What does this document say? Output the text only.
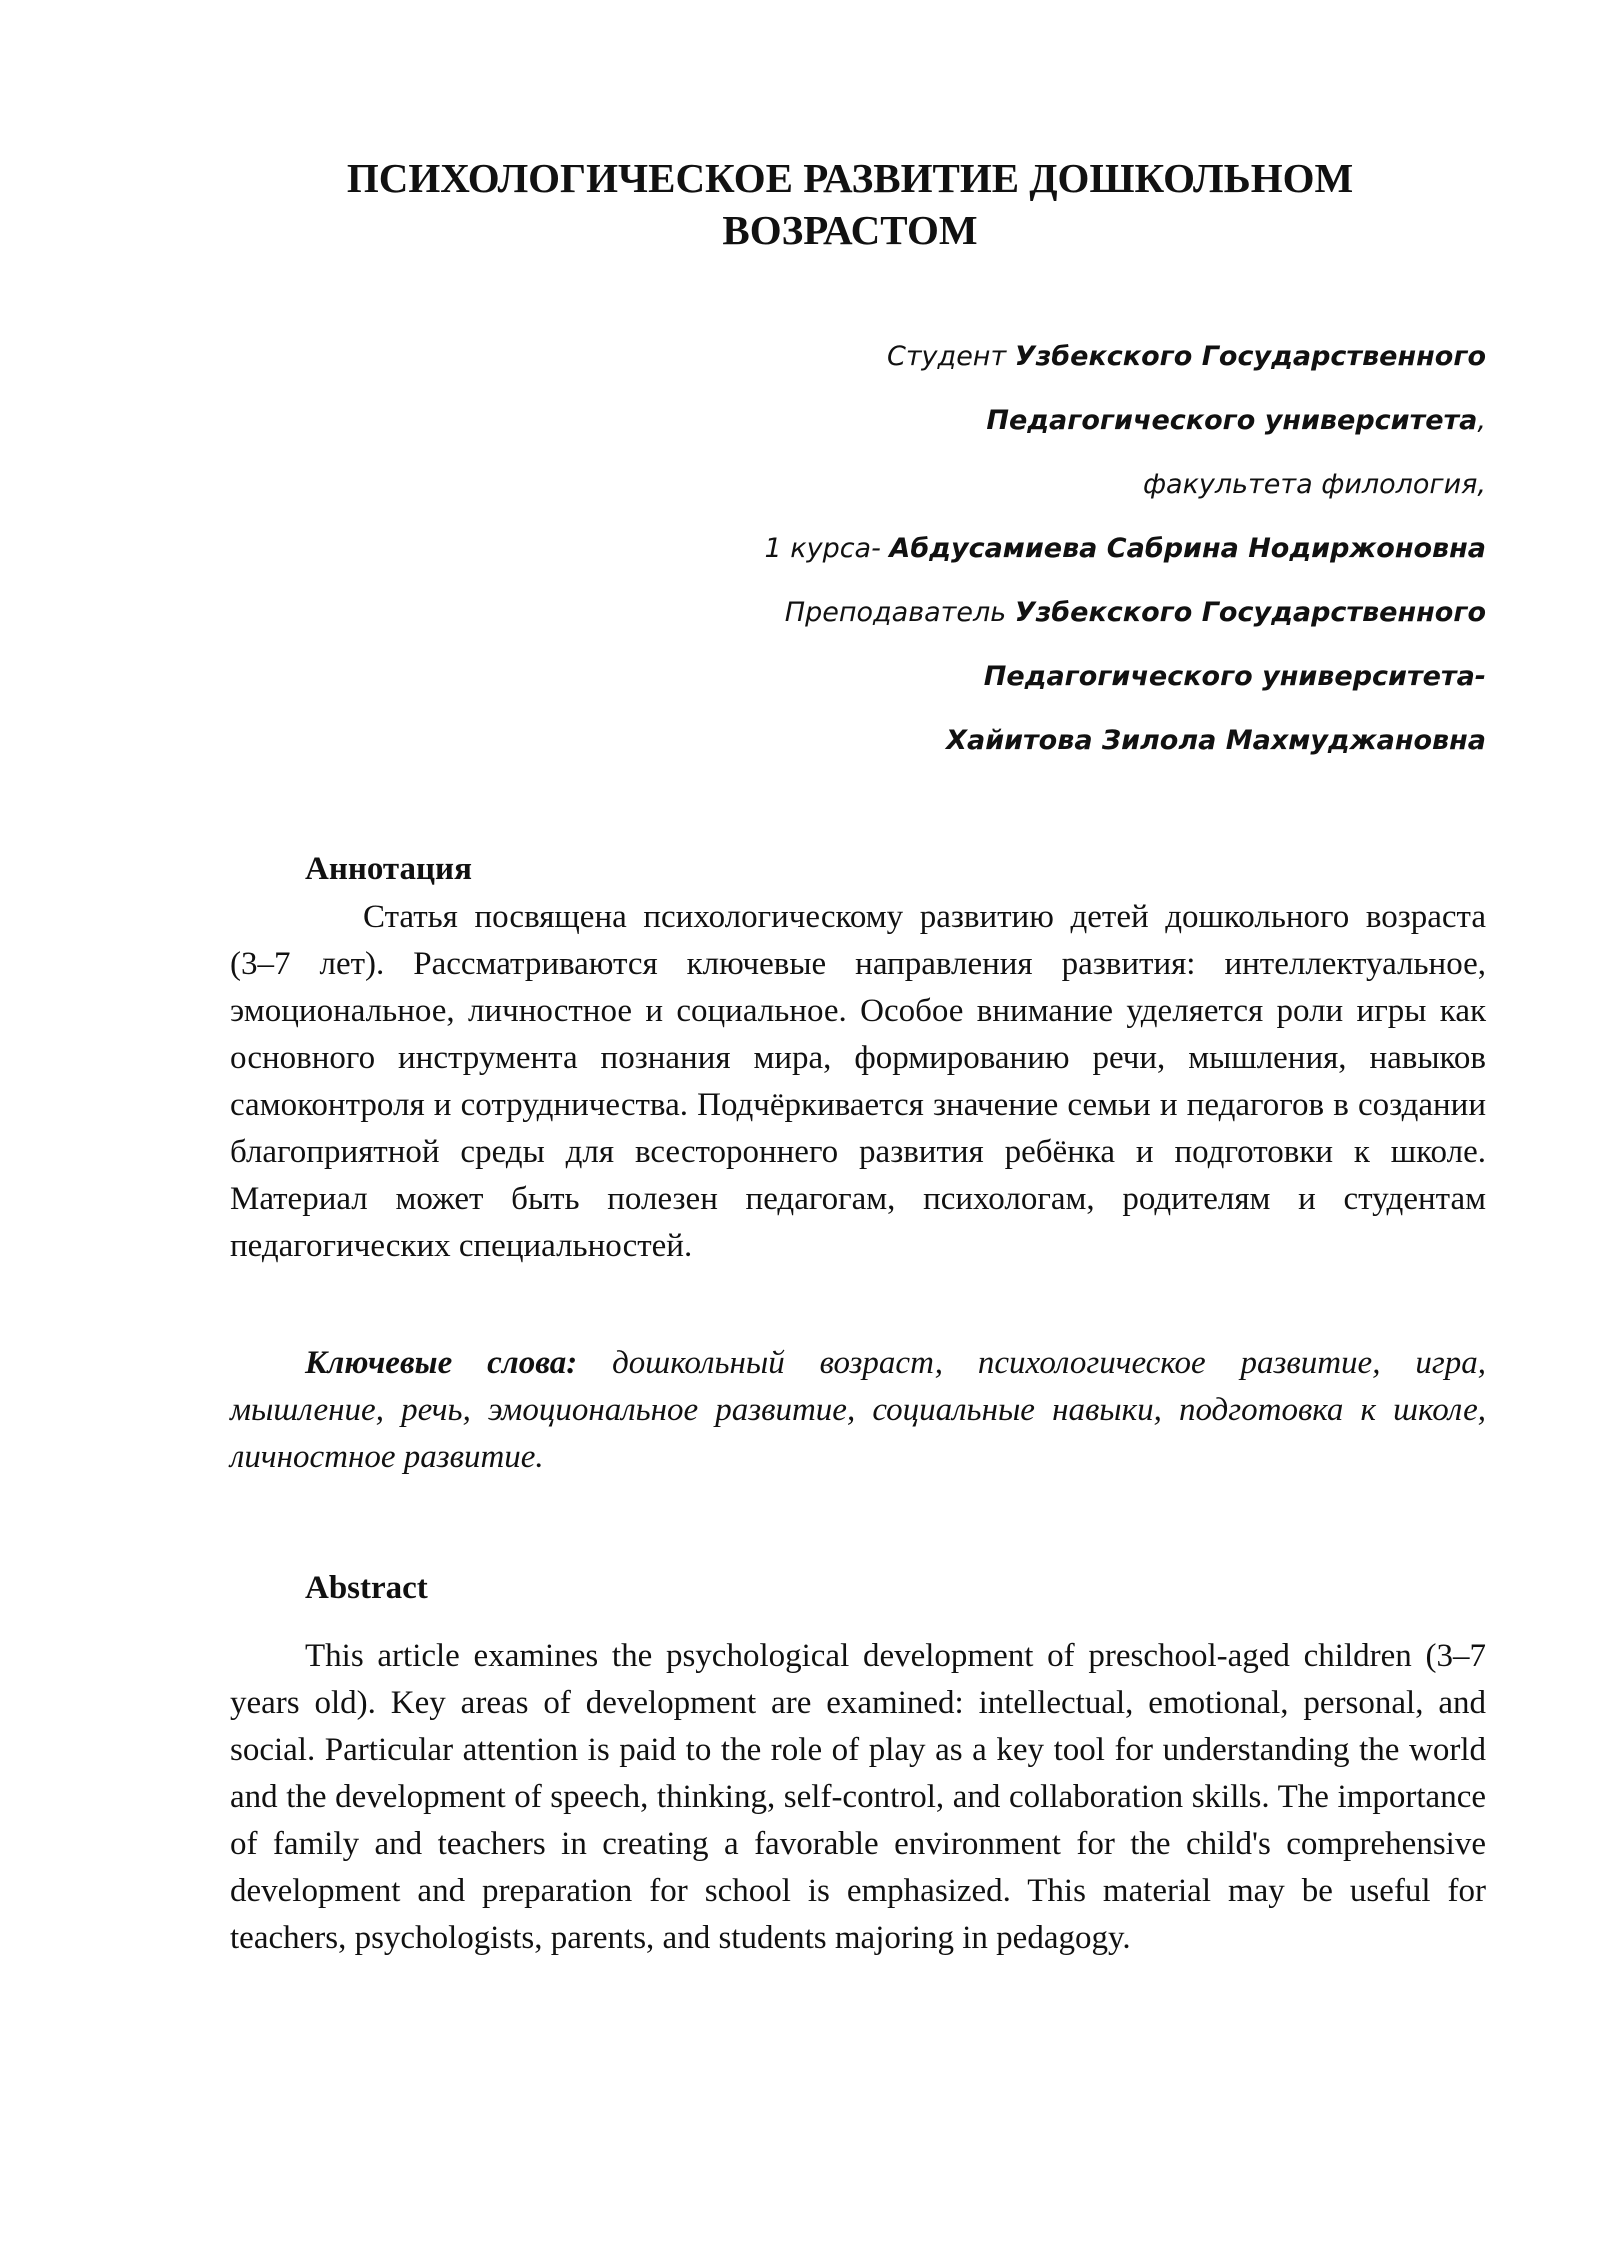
ПСИХОЛОГИЧЕСКОЕ РАЗВИТИЕ ДОШКОЛЬНОМ
ВОЗРАСТОМ
Студент Узбекского Государственного
Педагогического университета,
факультета филология,
1 курса- Абдусамиева Сабрина Нодиржоновна
Преподаватель Узбекского Государственного
Педагогического университета-
Хайитова Зилола Махмуджановна
Аннотация
Статья посвящена психологическому развитию детей дошкольного возраста (3–7 лет). Рассматриваются ключевые направления развития: интеллектуальное, эмоциональное, личностное и социальное. Особое внимание уделяется роли игры как основного инструмента познания мира, формированию речи, мышления, навыков самоконтроля и сотрудничества. Подчёркивается значение семьи и педагогов в создании благоприятной среды для всестороннего развития ребёнка и подготовки к школе. Материал может быть полезен педагогам, психологам, родителям и студентам педагогических специальностей.
Ключевые слова: дошкольный возраст, психологическое развитие, игра, мышление, речь, эмоциональное развитие, социальные навыки, подготовка к школе, личностное развитие.
Abstract
This article examines the psychological development of preschool-aged children (3–7 years old). Key areas of development are examined: intellectual, emotional, personal, and social. Particular attention is paid to the role of play as a key tool for understanding the world and the development of speech, thinking, self-control, and collaboration skills. The importance of family and teachers in creating a favorable environment for the child's comprehensive development and preparation for school is emphasized. This material may be useful for teachers, psychologists, parents, and students majoring in pedagogy.
